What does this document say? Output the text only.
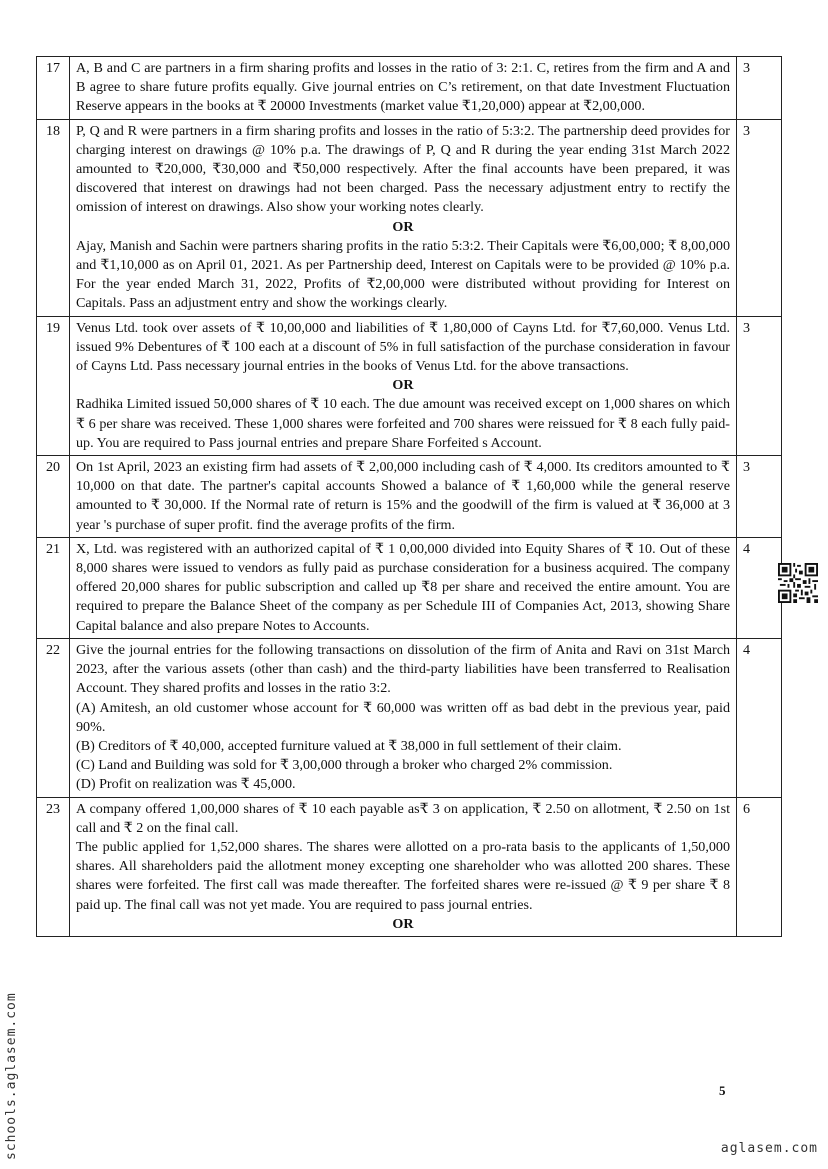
17	A, B and C are partners in a firm sharing profits and losses in the ratio of 3: 2:1. C, retires from the firm and A and B agree to share future profits equally. Give journal entries on C’s retirement, on that date Investment Fluctuation Reserve appears in the books at ₹ 20000 Investments (market value ₹1,20,000) appear at ₹2,00,000.	3
18	P, Q and R were partners in a firm sharing profits and losses in the ratio of 5:3:2. The partnership deed provides for charging interest on drawings @ 10% p.a. The drawings of P, Q and R during the year ending 31st March 2022 amounted to ₹20,000, ₹30,000 and ₹50,000 respectively. After the final accounts have been prepared, it was discovered that interest on drawings had not been charged. Pass the necessary adjustment entry to rectify the omission of interest on drawings. Also show your working notes clearly.
OR
Ajay, Manish and Sachin were partners sharing profits in the ratio 5:3:2. Their Capitals were ₹6,00,000; ₹ 8,00,000 and ₹1,10,000 as on April 01, 2021. As per Partnership deed, Interest on Capitals were to be provided @ 10% p.a. For the year ended March 31, 2022, Profits of ₹2,00,000 were distributed without providing for Interest on Capitals. Pass an adjustment entry and show the workings clearly.	3
19	Venus Ltd. took over assets of ₹ 10,00,000 and liabilities of ₹ 1,80,000 of Cayns Ltd. for ₹7,60,000. Venus Ltd. issued 9% Debentures of ₹ 100 each at a discount of 5% in full satisfaction of the purchase consideration in favour of Cayns Ltd. Pass necessary journal entries in the books of Venus Ltd. for the above transactions.
OR
Radhika Limited issued 50,000 shares of ₹ 10 each. The due amount was received except on 1,000 shares on which ₹ 6 per share was received. These 1,000 shares were forfeited and 700 shares were reissued for ₹ 8 each fully paid-up. You are required to Pass journal entries and prepare Share Forfeited s Account.	3
20	On 1st April, 2023 an existing firm had assets of ₹ 2,00,000 including cash of ₹ 4,000. Its creditors amounted to ₹ 10,000 on that date. The partner's capital accounts Showed a balance of ₹ 1,60,000 while the general reserve amounted to ₹ 30,000. If the Normal rate of return is 15% and the goodwill of the firm is valued at ₹ 36,000 at 3 year 's purchase of super profit. find the average profits of the firm.	3
21	X, Ltd. was registered with an authorized capital of ₹ 1 0,00,000 divided into Equity Shares of ₹ 10. Out of these 8,000 shares were issued to vendors as fully paid as purchase consideration for a business acquired. The company offered 20,000 shares for public subscription and called up ₹8 per share and received the entire amount. You are required to prepare the Balance Sheet of the company as per Schedule III of Companies Act, 2013, showing Share Capital balance and also prepare Notes to Accounts.	4
22	Give the journal entries for the following transactions on dissolution of the firm of Anita and Ravi on 31st March 2023, after the various assets (other than cash) and the third-party liabilities have been transferred to Realisation Account. They shared profits and losses in the ratio 3:2.
(A) Amitesh, an old customer whose account for ₹ 60,000 was written off as bad debt in the previous year, paid 90%.
(B) Creditors of ₹ 40,000, accepted furniture valued at ₹ 38,000 in full settlement of their claim.
(C) Land and Building was sold for ₹ 3,00,000 through a broker who charged 2% commission.
(D) Profit on realization was ₹ 45,000.	4
23	A company offered 1,00,000 shares of ₹ 10 each payable as₹ 3 on application, ₹ 2.50 on allotment, ₹ 2.50 on 1st call and ₹ 2 on the final call.
The public applied for 1,52,000 shares. The shares were allotted on a pro-rata basis to the applicants of 1,50,000 shares. All shareholders paid the allotment money excepting one shareholder who was allotted 200 shares. These shares were forfeited. The first call was made thereafter. The forfeited shares were re-issued @ ₹ 9 per share ₹ 8 paid up. The final call was not yet made. You are required to pass journal entries.
OR	6
5
schools.aglasem.com	aglasem.com
